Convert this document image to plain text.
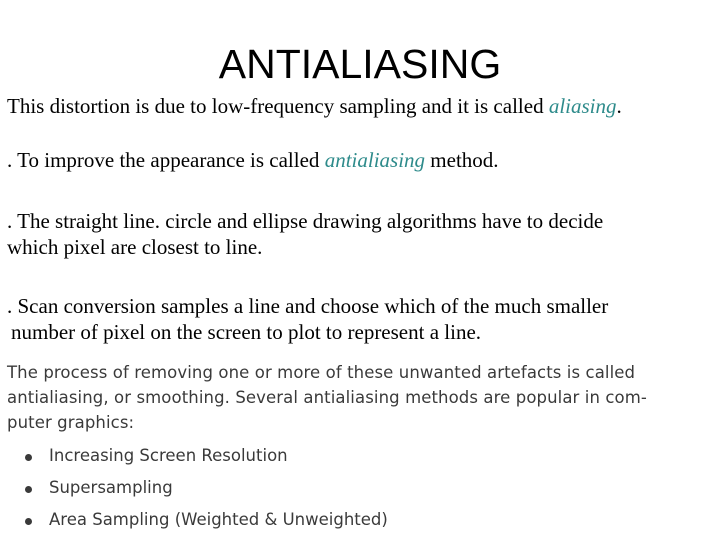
ANTIALIASING
This distortion is due to low-frequency sampling and it is called aliasing.
. To improve the appearance is called antialiasing method.
. The straight line. circle and ellipse drawing algorithms have to decide
which pixel are closest to line.
. Scan conversion samples a line and choose which of the much smaller
number of pixel on the screen to plot to represent a line.
The process of removing one or more of these unwanted artefacts is called
antialiasing, or smoothing. Several antialiasing methods are popular in com-
puter graphics:
Increasing Screen Resolution
Supersampling
Area Sampling (Weighted & Unweighted)
